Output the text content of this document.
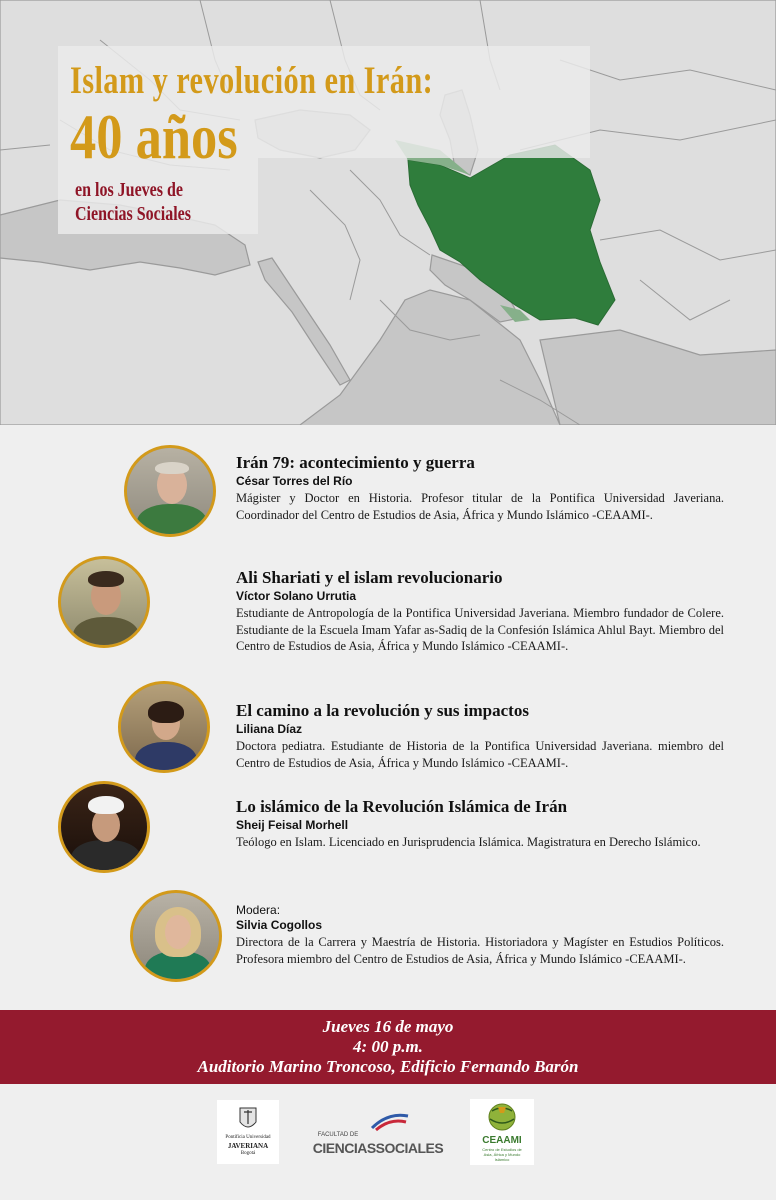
Islam y revolución en Irán:
40 años
en los Jueves de
Ciencias Sociales
Irán 79: acontecimiento y guerra
César Torres del Río
Mágister y Doctor en Historia. Profesor titular de la Pontifica Universidad Javeriana. Coordinador del Centro de Estudios de Asia, África y Mundo Islámico -CEAAMI-.
Ali Shariati y el islam revolucionario
Víctor Solano Urrutia
Estudiante de Antropología de la Pontifica Universidad Javeriana. Miembro fundador de Colere. Estudiante de la Escuela Imam Yafar as-Sadiq de la Confesión Islámica Ahlul Bayt. Miembro del Centro de Estudios de Asia, África y Mundo Islámico -CEAAMI-.
El camino a la revolución y sus impactos
Liliana Díaz
Doctora pediatra. Estudiante de Historia de la Pontifica Universidad Javeriana. miembro del Centro de Estudios de Asia, África y Mundo Islámico -CEAAMI-.
Lo islámico de la Revolución Islámica de Irán
Sheij Feisal Morhell
Teólogo en Islam. Licenciado en Jurisprudencia Islámica. Magistratura en Derecho Islámico.
Modera:
Silvia Cogollos
Directora de la Carrera y Maestría de Historia. Historiadora y Magíster en Estudios Políticos. Profesora miembro del Centro de Estudios de Asia, África y Mundo Islámico -CEAAMI-.
Jueves 16 de mayo
4: 00 p.m.
Auditorio Marino Troncoso, Edificio Fernando Barón
Pontificia Universidad
JAVERIANA
Bogotá
FACULTAD DE
CIENCIASSOCIALES	CEAAMI
Centro de Estudios de Asia, África y Mundo Islámico
